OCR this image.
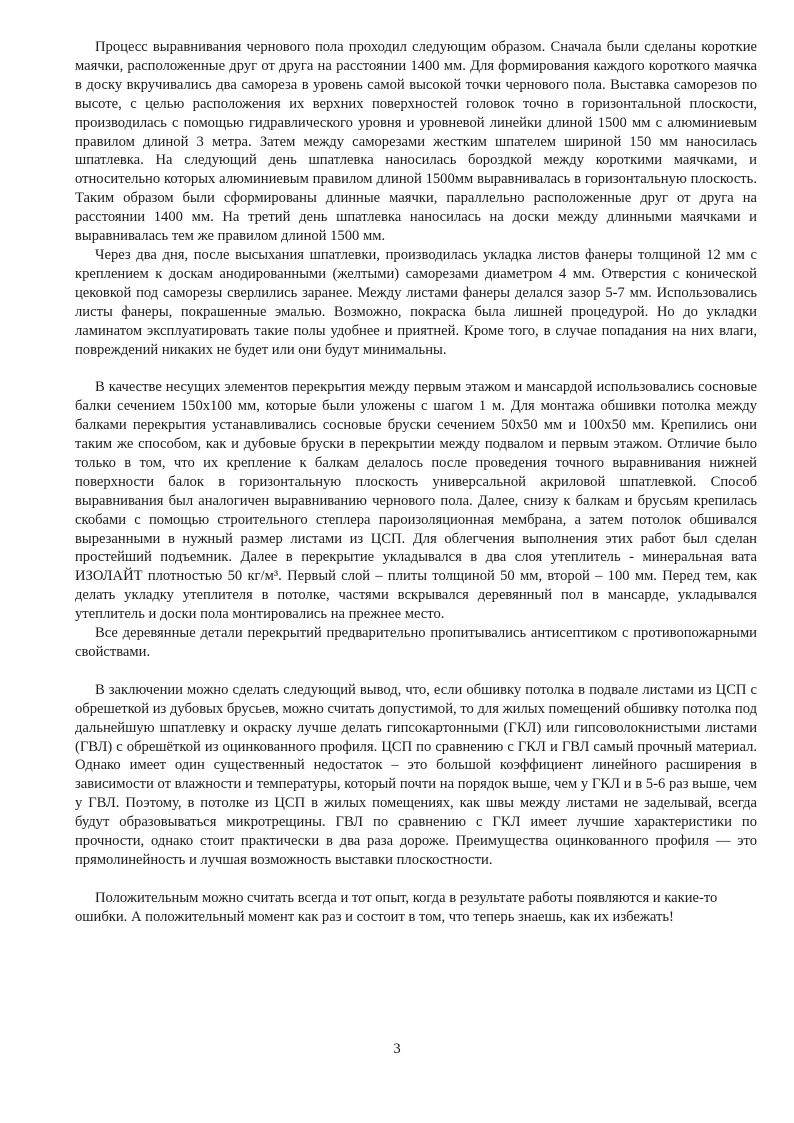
Процесс выравнивания чернового пола проходил следующим образом. Сначала были сделаны короткие маячки, расположенные друг от друга на расстоянии 1400 мм. Для формирования каждого короткого маячка в доску вкручивались два самореза в уровень самой высокой точки чернового пола. Выставка саморезов по высоте, с целью расположения их верхних поверхностей головок точно в горизонтальной плоскости, производилась с помощью гидравлического уровня и уровневой линейки длиной 1500 мм с алюминиевым правилом длиной 3 метра. Затем между саморезами жестким шпателем шириной 150 мм наносилась шпатлевка. На следующий день шпатлевка наносилась бороздкой между короткими маячками, и относительно которых алюминиевым правилом длиной 1500мм выравнивалась в горизонтальную плоскость. Таким образом были сформированы длинные маячки, параллельно расположенные друг от друга на расстоянии 1400 мм. На третий день шпатлевка наносилась на доски между длинными маячками и выравнивалась тем же правилом длиной 1500 мм.

Через два дня, после высыхания шпатлевки, производилась укладка листов фанеры толщиной 12 мм с креплением к доскам анодированными (желтыми) саморезами диаметром 4 мм. Отверстия с конической цековкой под саморезы сверлились заранее. Между листами фанеры делался зазор 5-7 мм. Использовались листы фанеры, покрашенные эмалью. Возможно, покраска была лишней процедурой. Но до укладки ламинатом эксплуатировать такие полы удобнее и приятней. Кроме того, в случае попадания на них влаги, повреждений никаких не будет или они будут минимальны.

В качестве несущих элементов перекрытия между первым этажом и мансардой использовались сосновые балки сечением 150х100 мм, которые были уложены с шагом 1 м. Для монтажа обшивки потолка между балками перекрытия устанавливались сосновые бруски сечением 50х50 мм и 100х50 мм. Крепились они таким же способом, как и дубовые бруски в перекрытии между подвалом и первым этажом. Отличие было только в том, что их крепление к балкам делалось после проведения точного выравнивания нижней поверхности балок в горизонтальную плоскость универсальной акриловой шпатлевкой. Способ выравнивания был аналогичен выравниванию чернового пола. Далее, снизу к балкам и брусьям крепилась скобами с помощью строительного степлера пароизоляционная мембрана, а затем потолок обшивался вырезанными в нужный размер листами из ЦСП. Для облегчения выполнения этих работ был сделан простейший подъемник. Далее в перекрытие укладывался в два слоя утеплитель - минеральная вата ИЗОЛАЙТ плотностью 50 кг/м³. Первый слой – плиты толщиной 50 мм, второй – 100 мм. Перед тем, как делать укладку утеплителя в потолке, частями вскрывался деревянный пол в мансарде, укладывался утеплитель и доски пола монтировались на прежнее место.

Все деревянные детали перекрытий предварительно пропитывались антисептиком с противопожарными свойствами.

В заключении можно сделать следующий вывод, что, если обшивку потолка в подвале листами из ЦСП с обрешеткой из дубовых брусьев, можно считать допустимой, то для жилых помещений обшивку потолка под дальнейшую шпатлевку и окраску лучше делать гипсокартонными (ГКЛ) или гипсоволокнистыми листами (ГВЛ) с обрешёткой из оцинкованного профиля. ЦСП по сравнению с ГКЛ и ГВЛ самый прочный материал. Однако имеет один существенный недостаток – это большой коэффициент линейного расширения в зависимости от влажности и температуры, который почти на порядок выше, чем у ГКЛ и в 5-6 раз выше, чем у ГВЛ. Поэтому, в потолке из ЦСП в жилых помещениях, как швы между листами не заделывай, всегда будут образовываться микротрещины. ГВЛ по сравнению с ГКЛ имеет лучшие характеристики по прочности, однако стоит практически в два раза дороже. Преимущества оцинкованного профиля — это прямолинейность и лучшая возможность выставки плоскостности.

Положительным можно считать всегда и тот опыт, когда в результате работы появляются и какие-то ошибки. А положительный момент как раз и состоит в том, что теперь знаешь, как их избежать!

3
